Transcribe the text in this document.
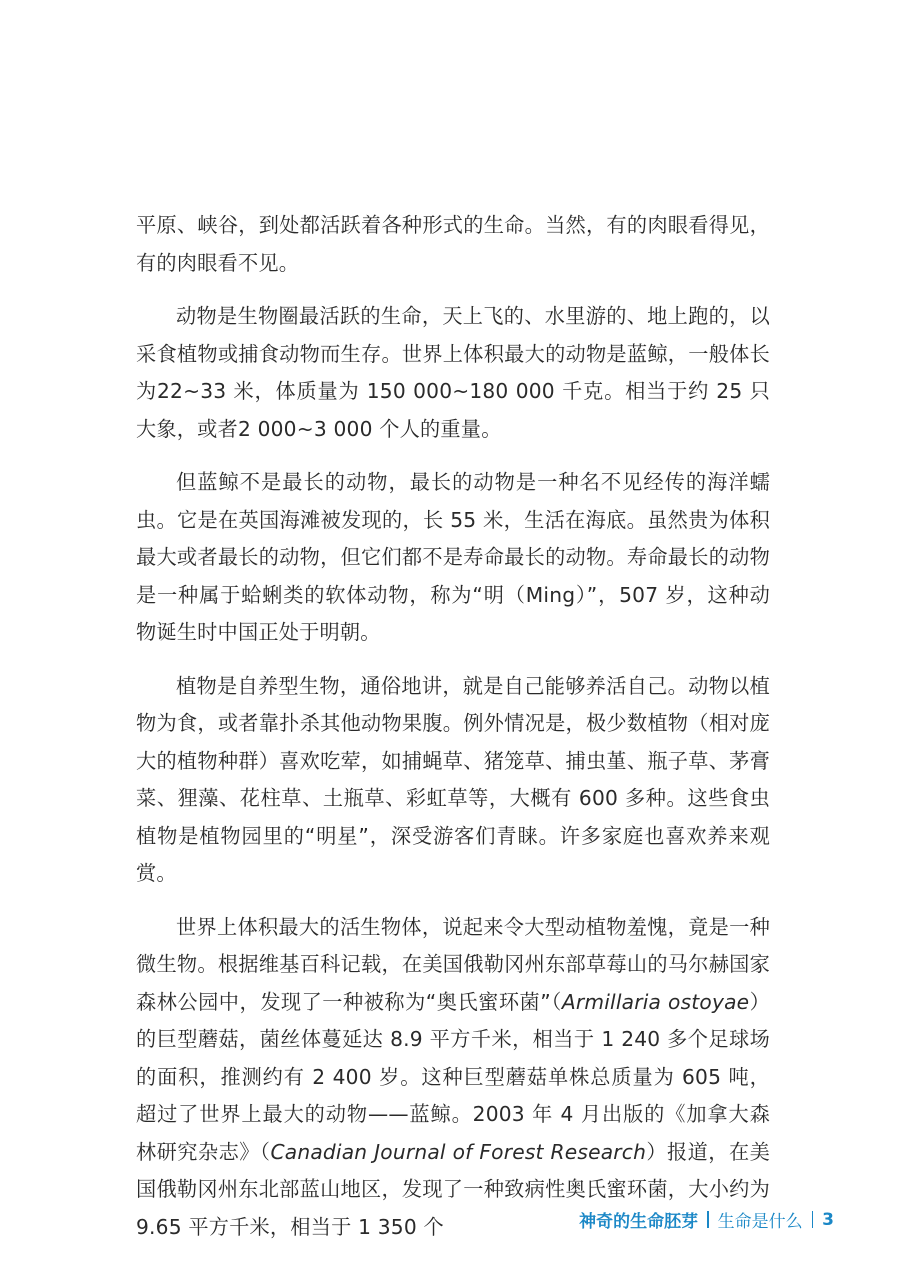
平原、峡谷，到处都活跃着各种形式的生命。当然，有的肉眼看得见，有的肉眼看不见。

动物是生物圈最活跃的生命，天上飞的、水里游的、地上跑的，以采食植物或捕食动物而生存。世界上体积最大的动物是蓝鲸，一般体长为22~33 米，体质量为 150 000~180 000 千克。相当于约 25 只大象，或者2 000~3 000 个人的重量。

但蓝鲸不是最长的动物，最长的动物是一种名不见经传的海洋蠕虫。它是在英国海滩被发现的，长 55 米，生活在海底。虽然贵为体积最大或者最长的动物，但它们都不是寿命最长的动物。寿命最长的动物是一种属于蛤蜊类的软体动物，称为“明（Ming）”，507 岁，这种动物诞生时中国正处于明朝。

植物是自养型生物，通俗地讲，就是自己能够养活自己。动物以植物为食，或者靠扑杀其他动物果腹。例外情况是，极少数植物（相对庞大的植物种群）喜欢吃荤，如捕蝇草、猪笼草、捕虫堇、瓶子草、茅膏菜、狸藻、花柱草、土瓶草、彩虹草等，大概有 600 多种。这些食虫植物是植物园里的“明星”，深受游客们青睐。许多家庭也喜欢养来观赏。

世界上体积最大的活生物体，说起来令大型动植物羞愧，竟是一种微生物。根据维基百科记载，在美国俄勒冈州东部草莓山的马尔赫国家森林公园中，发现了一种被称为“奥氏蜜环菌”（Armillaria ostoyae）的巨型蘑菇，菌丝体蔓延达 8.9 平方千米，相当于 1 240 多个足球场的面积，推测约有 2 400 岁。这种巨型蘑菇单株总质量为 605 吨，超过了世界上最大的动物——蓝鲸。2003 年 4 月出版的《加拿大森林研究杂志》（Canadian Journal of Forest Research）报道，在美国俄勒冈州东北部蓝山地区，发现了一种致病性奥氏蜜环菌，大小约为 9.65 平方千米，相当于 1 350 个	神奇的生命胚芽 生命是什么 3
